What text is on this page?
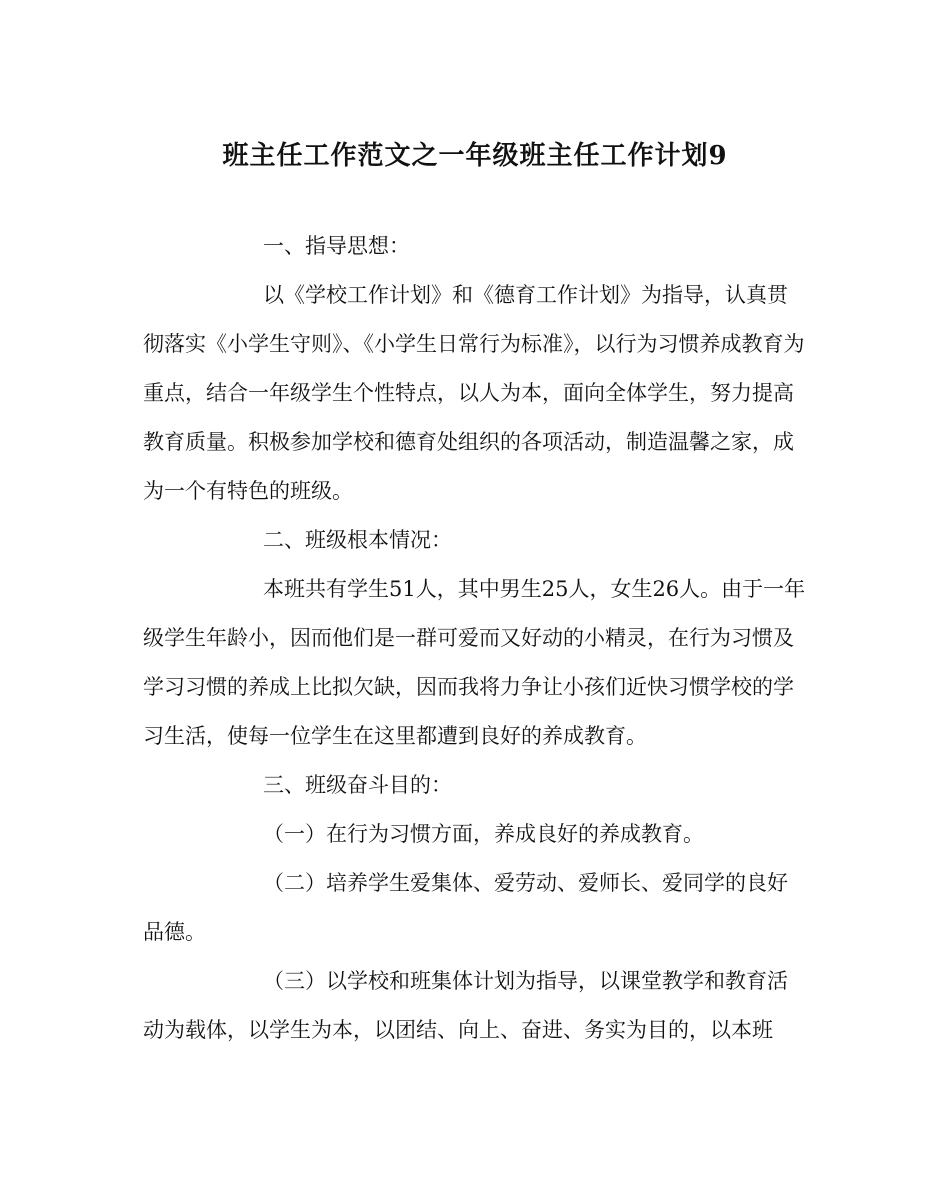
班主任工作范文之一年级班主任工作计划9

一、指导思想：

以《学校工作计划》和《德育工作计划》为指导，认真贯彻落实《小学生守则》、《小学生日常行为标准》，以行为习惯养成教育为重点，结合一年级学生个性特点，以人为本，面向全体学生，努力提高教育质量。积极参加学校和德育处组织的各项活动，制造温馨之家，成为一个有特色的班级。

二、班级根本情况：

本班共有学生51人，其中男生25人，女生26人。由于一年级学生年龄小，因而他们是一群可爱而又好动的小精灵，在行为习惯及学习习惯的养成上比拟欠缺，因而我将力争让小孩们近快习惯学校的学习生活，使每一位学生在这里都遭到良好的养成教育。

三、班级奋斗目的：

（一）在行为习惯方面，养成良好的养成教育。

（二）培养学生爱集体、爱劳动、爱师长、爱同学的良好品德。

（三）以学校和班集体计划为指导，以课堂教学和教育活动为载体，以学生为本，以团结、向上、奋进、务实为目的，以本班
